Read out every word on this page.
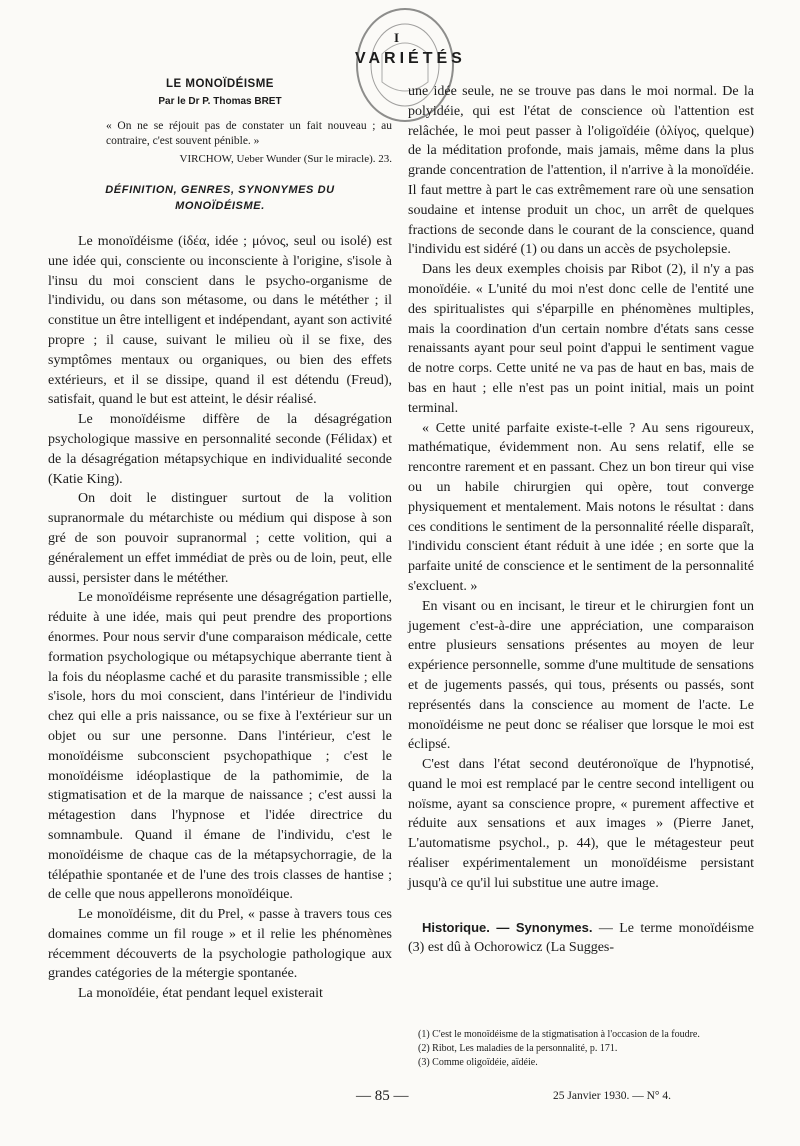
I
VARIÉTÉS
LE MONOÏDÉISME
Par le Dr P. Thomas BRET
« On ne se réjouit pas de constater un fait nouveau ; au contraire, c'est souvent pénible. »
VIRCHOW, Ueber Wunder (Sur le miracle). 23.
DÉFINITION, GENRES, SYNONYMES DU MONOÏDÉISME.

Le monoïdéisme (ἰδέα, idée ; μόνος, seul ou isolé) est une idée qui, consciente ou inconsciente à l'origine, s'isole à l'insu du moi conscient dans le psycho-organisme de l'individu, ou dans son métasome, ou dans le météther ; il constitue un être intelligent et indépendant, ayant son activité propre ; il cause, suivant le milieu où il se fixe, des symptômes mentaux ou organiques, ou bien des effets extérieurs, et il se dissipe, quand il est détendu (Freud), satisfait, quand le but est atteint, le désir réalisé.

Le monoïdéisme diffère de la désagrégation psychologique massive en personnalité seconde (Félidax) et de la désagrégation métapsychique en individualité seconde (Katie King).

On doit le distinguer surtout de la volition supranormale du métarchiste ou médium qui dispose à son gré de son pouvoir supranormal ; cette volition, qui a généralement un effet immédiat de près ou de loin, peut, elle aussi, persister dans le météther.

Le monoïdéisme représente une désagrégation partielle, réduite à une idée, mais qui peut prendre des proportions énormes. Pour nous servir d'une comparaison médicale, cette formation psychologique ou métapsychique aberrante tient à la fois du néoplasme caché et du parasite transmissible ; elle s'isole, hors du moi conscient, dans l'intérieur de l'individu chez qui elle a pris naissance, ou se fixe à l'extérieur sur un objet ou sur une personne. Dans l'intérieur, c'est le monoïdéisme subconscient psychopathique ; c'est le monoïdéisme idéoplastique de la pathomimie, de la stigmatisation et de la marque de naissance ; c'est aussi la métagestion dans l'hypnose et l'idée directrice du somnambule. Quand il émane de l'individu, c'est le monoïdéisme de chaque cas de la métapsychorragie, de la télépathie spontanée et de l'une des trois classes de hantise ; de celle que nous appellerons monoïdéique.

Le monoïdéisme, dit du Prel, « passe à travers tous ces domaines comme un fil rouge » et il relie les phénomènes récemment découverts de la psychologie pathologique aux grandes catégories de la métergie spontanée.

La monoïdéie, état pendant lequel existerait

une idée seule, ne se trouve pas dans le moi normal. De la polyidéie, qui est l'état de conscience où l'attention est relâchée, le moi peut passer à l'oligoïdéie (ὀλίγος, quelque) de la méditation profonde, mais jamais, même dans la plus grande concentration de l'attention, il n'arrive à la monoïdéie. Il faut mettre à part le cas extrêmement rare où une sensation soudaine et intense produit un choc, un arrêt de quelques fractions de seconde dans le courant de la conscience, quand l'individu est sidéré (1) ou dans un accès de psycholepsie.

Dans les deux exemples choisis par Ribot (2), il n'y a pas monoïdéie. « L'unité du moi n'est donc celle de l'entité une des spiritualistes qui s'éparpille en phénomènes multiples, mais la coordination d'un certain nombre d'états sans cesse renaissants ayant pour seul point d'appui le sentiment vague de notre corps. Cette unité ne va pas de haut en bas, mais de bas en haut ; elle n'est pas un point initial, mais un point terminal.

« Cette unité parfaite existe-t-elle ? Au sens rigoureux, mathématique, évidemment non. Au sens relatif, elle se rencontre rarement et en passant. Chez un bon tireur qui vise ou un habile chirurgien qui opère, tout converge physiquement et mentalement. Mais notons le résultat : dans ces conditions le sentiment de la personnalité réelle disparaît, l'individu conscient étant réduit à une idée ; en sorte que la parfaite unité de conscience et le sentiment de la personnalité s'excluent. »

En visant ou en incisant, le tireur et le chirurgien font un jugement c'est-à-dire une appréciation, une comparaison entre plusieurs sensations présentes au moyen de leur expérience personnelle, somme d'une multitude de sensations et de jugements passés, qui tous, présents ou passés, sont représentés dans la conscience au moment de l'acte. Le monoïdéisme ne peut donc se réaliser que lorsque le moi est éclipsé.

C'est dans l'état second deutéronoïque de l'hypnotisé, quand le moi est remplacé par le centre second intelligent ou noïsme, ayant sa conscience propre, « purement affective et réduite aux sensations et aux images » (Pierre Janet, L'automatisme psychol., p. 44), que le métagesteur peut réaliser expérimentalement un monoïdéisme persistant jusqu'à ce qu'il lui substitue une autre image.

Historique. — Synonymes. — Le terme monoïdéisme (3) est dû à Ochorowicz (La Sugges-

(1) C'est le monoïdéisme de la stigmatisation à l'occasion de la foudre.
(2) Ribot, Les maladies de la personnalité, p. 171.
(3) Comme oligoïdéie, aïdéie.
— 85 —	25 Janvier 1930. — N° 4.
